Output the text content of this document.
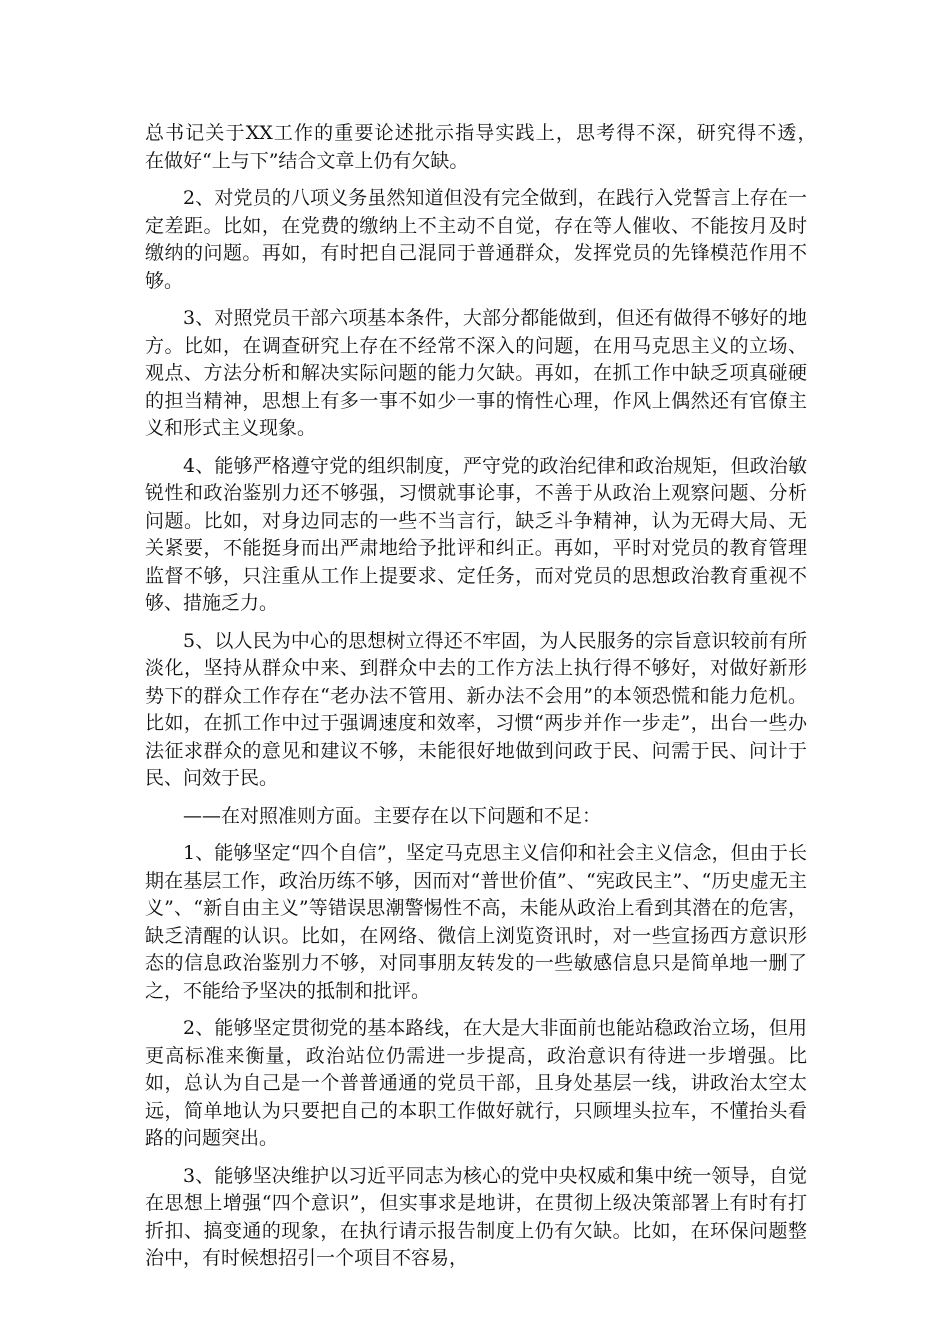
总书记关于XX工作的重要论述批示指导实践上，思考得不深，研究得不透，　在做好“上与下”结合文章上仍有欠缺。

2、对党员的八项义务虽然知道但没有完全做到，在践行入党誓言上存在一定差距。比如，在党费的缴纳上不主动不自觉，存在等人催收、不能按月及时缴纳的问题。再如，有时把自己混同于普通群众，发挥党员的先锋模范作用不够。

3、对照党员干部六项基本条件，大部分都能做到，但还有做得不够好的地方。比如，在调查研究上存在不经常不深入的问题，在用马克思主义的立场、观点、方法分析和解决实际问题的能力欠缺。再如，在抓工作中缺乏项真碰硬的担当精神，思想上有多一事不如少一事的惰性心理，作风上偶然还有官僚主义和形式主义现象。

4、能够严格遵守党的组织制度，严守党的政治纪律和政治规矩，但政治敏锐性和政治鉴别力还不够强，习惯就事论事，不善于从政治上观察问题、分析问题。比如，对身边同志的一些不当言行，缺乏斗争精神，认为无碍大局、无关紧要，不能挺身而出严肃地给予批评和纠正。再如，平时对党员的教育管理监督不够，只注重从工作上提要求、定任务，而对党员的思想政治教育重视不够、措施乏力。

5、以人民为中心的思想树立得还不牢固，为人民服务的宗旨意识较前有所淡化，坚持从群众中来、到群众中去的工作方法上执行得不够好，对做好新形势下的群众工作存在“老办法不管用、新办法不会用”的本领恐慌和能力危机。比如，在抓工作中过于强调速度和效率，习惯“两步并作一步走”，出台一些办法征求群众的意见和建议不够，未能很好地做到问政于民、问需于民、问计于民、问效于民。

——在对照准则方面。主要存在以下问题和不足：

1、能够坚定“四个自信”，坚定马克思主义信仰和社会主义信念，但由于长期在基层工作，政治历练不够，因而对“普世价值”、“宪政民主”、“历史虚无主义”、“新自由主义”等错误思潮警惕性不高，未能从政治上看到其潜在的危害，缺乏清醒的认识。比如，在网络、微信上浏览资讯时，对一些宣扬西方意识形态的信息政治鉴别力不够，对同事朋友转发的一些敏感信息只是简单地一删了之，不能给予坚决的抵制和批评。

2、能够坚定贯彻党的基本路线，在大是大非面前也能站稳政治立场，但用更高标准来衡量，政治站位仍需进一步提高，政治意识有待进一步增强。比如，总认为自己是一个普普通通的党员干部，且身处基层一线，讲政治太空太远，简单地认为只要把自己的本职工作做好就行，只顾埋头拉车，不懂抬头看路的问题突出。

3、能够坚决维护以习近平同志为核心的党中央权威和集中统一领导，自觉在思想上增强“四个意识”，但实事求是地讲，在贯彻上级决策部署上有时有打折扣、搞变通的现象，在执行请示报告制度上仍有欠缺。比如，在环保问题整治中，有时候想招引一个项目不容易，
